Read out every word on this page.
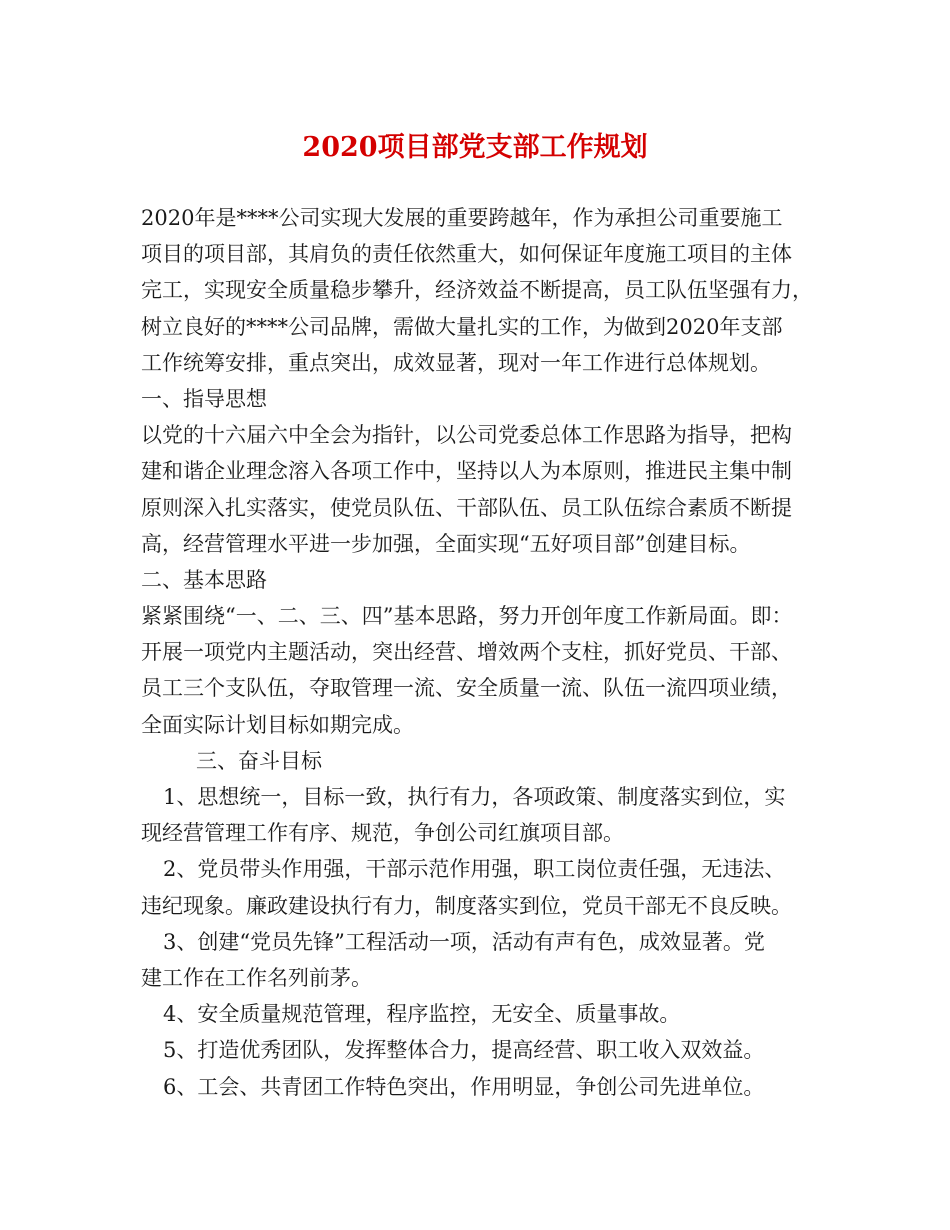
2020项目部党支部工作规划

2020年是****公司实现大发展的重要跨越年，作为承担公司重要施工

项目的项目部，其肩负的责任依然重大，如何保证年度施工项目的主体

完工，实现安全质量稳步攀升，经济效益不断提高，员工队伍坚强有力，

树立良好的****公司品牌，需做大量扎实的工作，为做到2020年支部

工作统筹安排，重点突出，成效显著，现对一年工作进行总体规划。

一、指导思想

以党的十六届六中全会为指针，以公司党委总体工作思路为指导，把构

建和谐企业理念溶入各项工作中，坚持以人为本原则，推进民主集中制

原则深入扎实落实，使党员队伍、干部队伍、员工队伍综合素质不断提

高，经营管理水平进一步加强，全面实现“五好项目部”创建目标。

二、基本思路

紧紧围绕“一、二、三、四”基本思路，努力开创年度工作新局面。即：

开展一项党内主题活动，突出经营、增效两个支柱，抓好党员、干部、

员工三个支队伍，夺取管理一流、安全质量一流、队伍一流四项业绩，

全面实际计划目标如期完成。

三、奋斗目标

1、思想统一，目标一致，执行有力，各项政策、制度落实到位，实

现经营管理工作有序、规范，争创公司红旗项目部。

2、党员带头作用强，干部示范作用强，职工岗位责任强，无违法、

违纪现象。廉政建设执行有力，制度落实到位，党员干部无不良反映。

3、创建“党员先锋”工程活动一项，活动有声有色，成效显著。党

建工作在工作名列前茅。

4、安全质量规范管理，程序监控，无安全、质量事故。

5、打造优秀团队，发挥整体合力，提高经营、职工收入双效益。

6、工会、共青团工作特色突出，作用明显，争创公司先进单位。
